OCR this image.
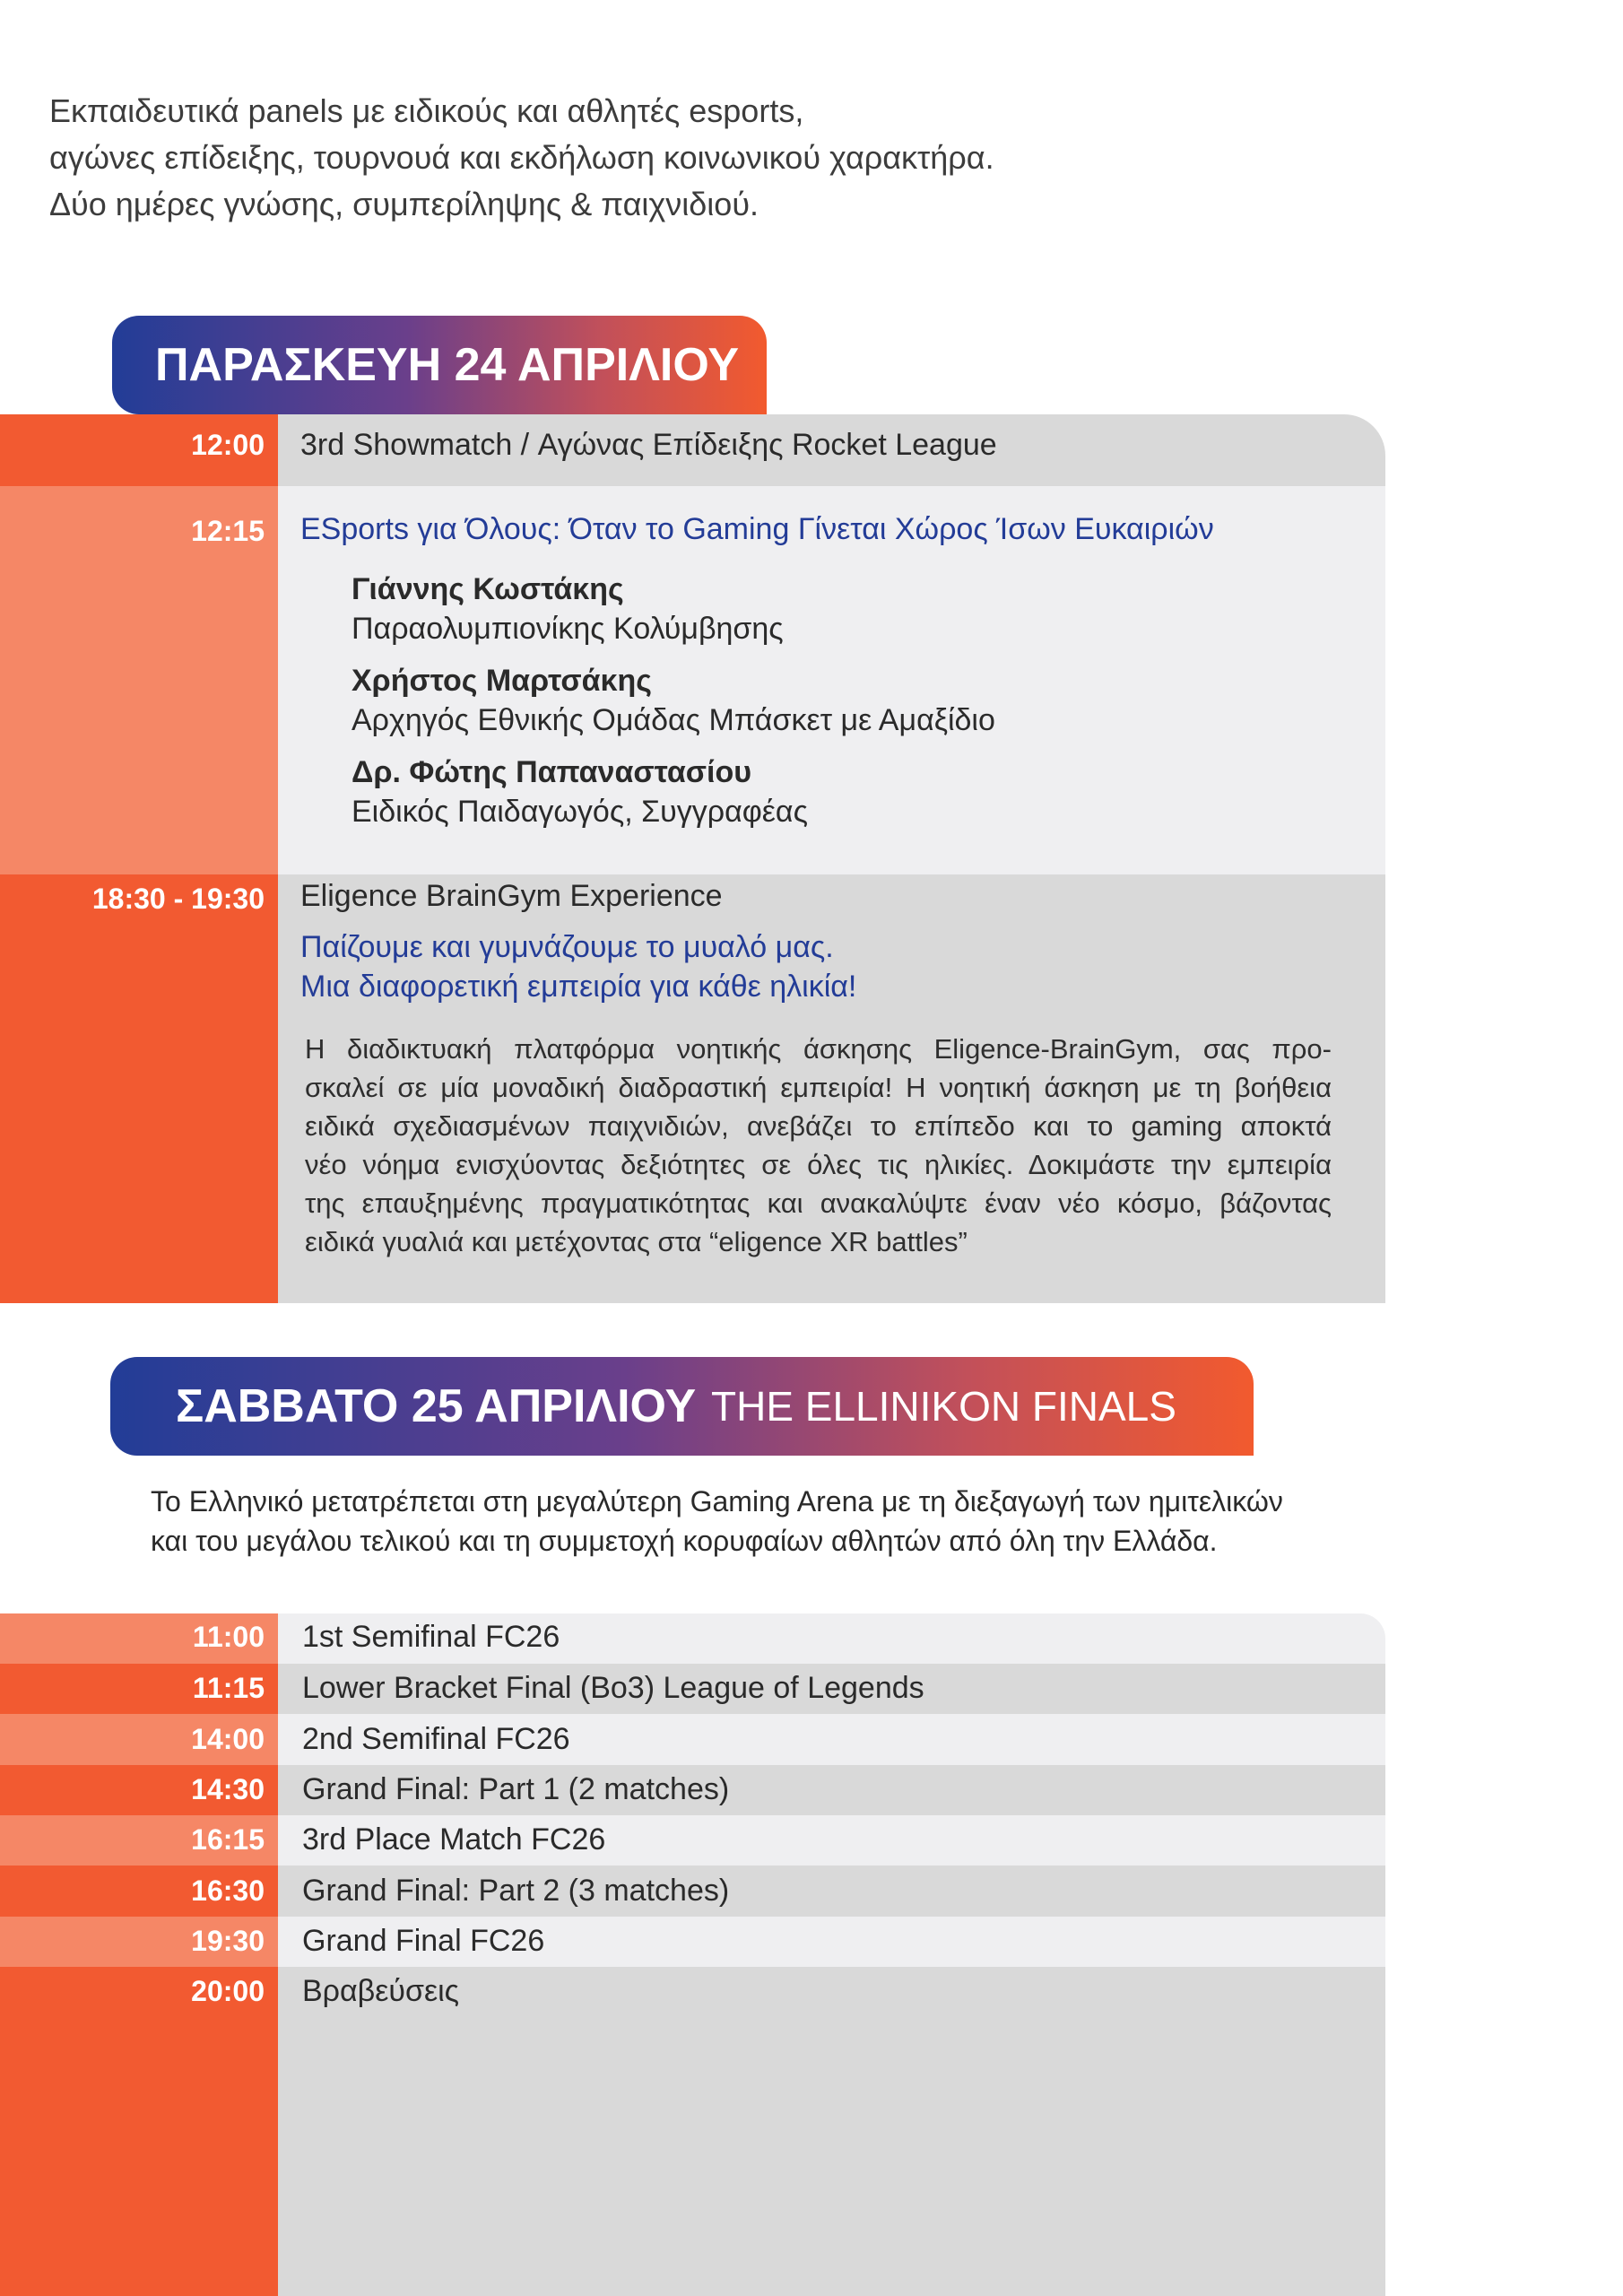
Εκπαιδευτικά panels με ειδικούς και αθλητές esports,
αγώνες επίδειξης, τουρνουά και εκδήλωση κοινωνικού χαρακτήρα.
Δύο ημέρες γνώσης, συμπερίληψης & παιχνιδιού.
ΠΑΡΑΣΚΕΥΗ 24 ΑΠΡΙΛΙΟΥ
12:00 3rd Showmatch / Αγώνας Επίδειξης Rocket League
12:15 ESports για Όλους: Όταν το Gaming Γίνεται Χώρος Ίσων Ευκαιριών
Γιάννης Κωστάκης
Παραολυμπιονίκης Κολύμβησης
Χρήστος Μαρτσάκης
Αρχηγός Εθνικής Ομάδας Μπάσκετ με Αμαξίδιο
Δρ. Φώτης Παπαναστασίου
Ειδικός Παιδαγωγός, Συγγραφέας
18:30 - 19:30 Eligence BrainGym Experience
Παίζουμε και γυμνάζουμε το μυαλό μας.
Μια διαφορετική εμπειρία για κάθε ηλικία!
Η διαδικτυακή πλατφόρμα νοητικής άσκησης Eligence-BrainGym, σας προ-
σκαλεί σε μία μοναδική διαδραστική εμπειρία! Η νοητική άσκηση με τη βοήθεια
ειδικά σχεδιασμένων παιχνιδιών, ανεβάζει το επίπεδο και το gaming αποκτά
νέο νόημα ενισχύοντας δεξιότητες σε όλες τις ηλικίες. Δοκιμάστε την εμπειρία
της επαυξημένης πραγματικότητας και ανακαλύψτε έναν νέο κόσμο, βάζοντας
ειδικά γυαλιά και μετέχοντας στα “eligence XR battles”
ΣΑΒΒΑΤΟ 25 ΑΠΡΙΛΙΟΥ THE ELLINIKON FINALS
Το Ελληνικό μετατρέπεται στη μεγαλύτερη Gaming Arena με τη διεξαγωγή των ημιτελικών
και του μεγάλου τελικού και τη συμμετοχή κορυφαίων αθλητών από όλη την Ελλάδα.
11:00 1st Semifinal FC26
11:15 Lower Bracket Final (Bo3) League of Legends
14:00 2nd Semifinal FC26
14:30 Grand Final: Part 1 (2 matches)
16:15 3rd Place Match FC26
16:30 Grand Final: Part 2 (3 matches)
19:30 Grand Final FC26
20:00 Βραβεύσεις
